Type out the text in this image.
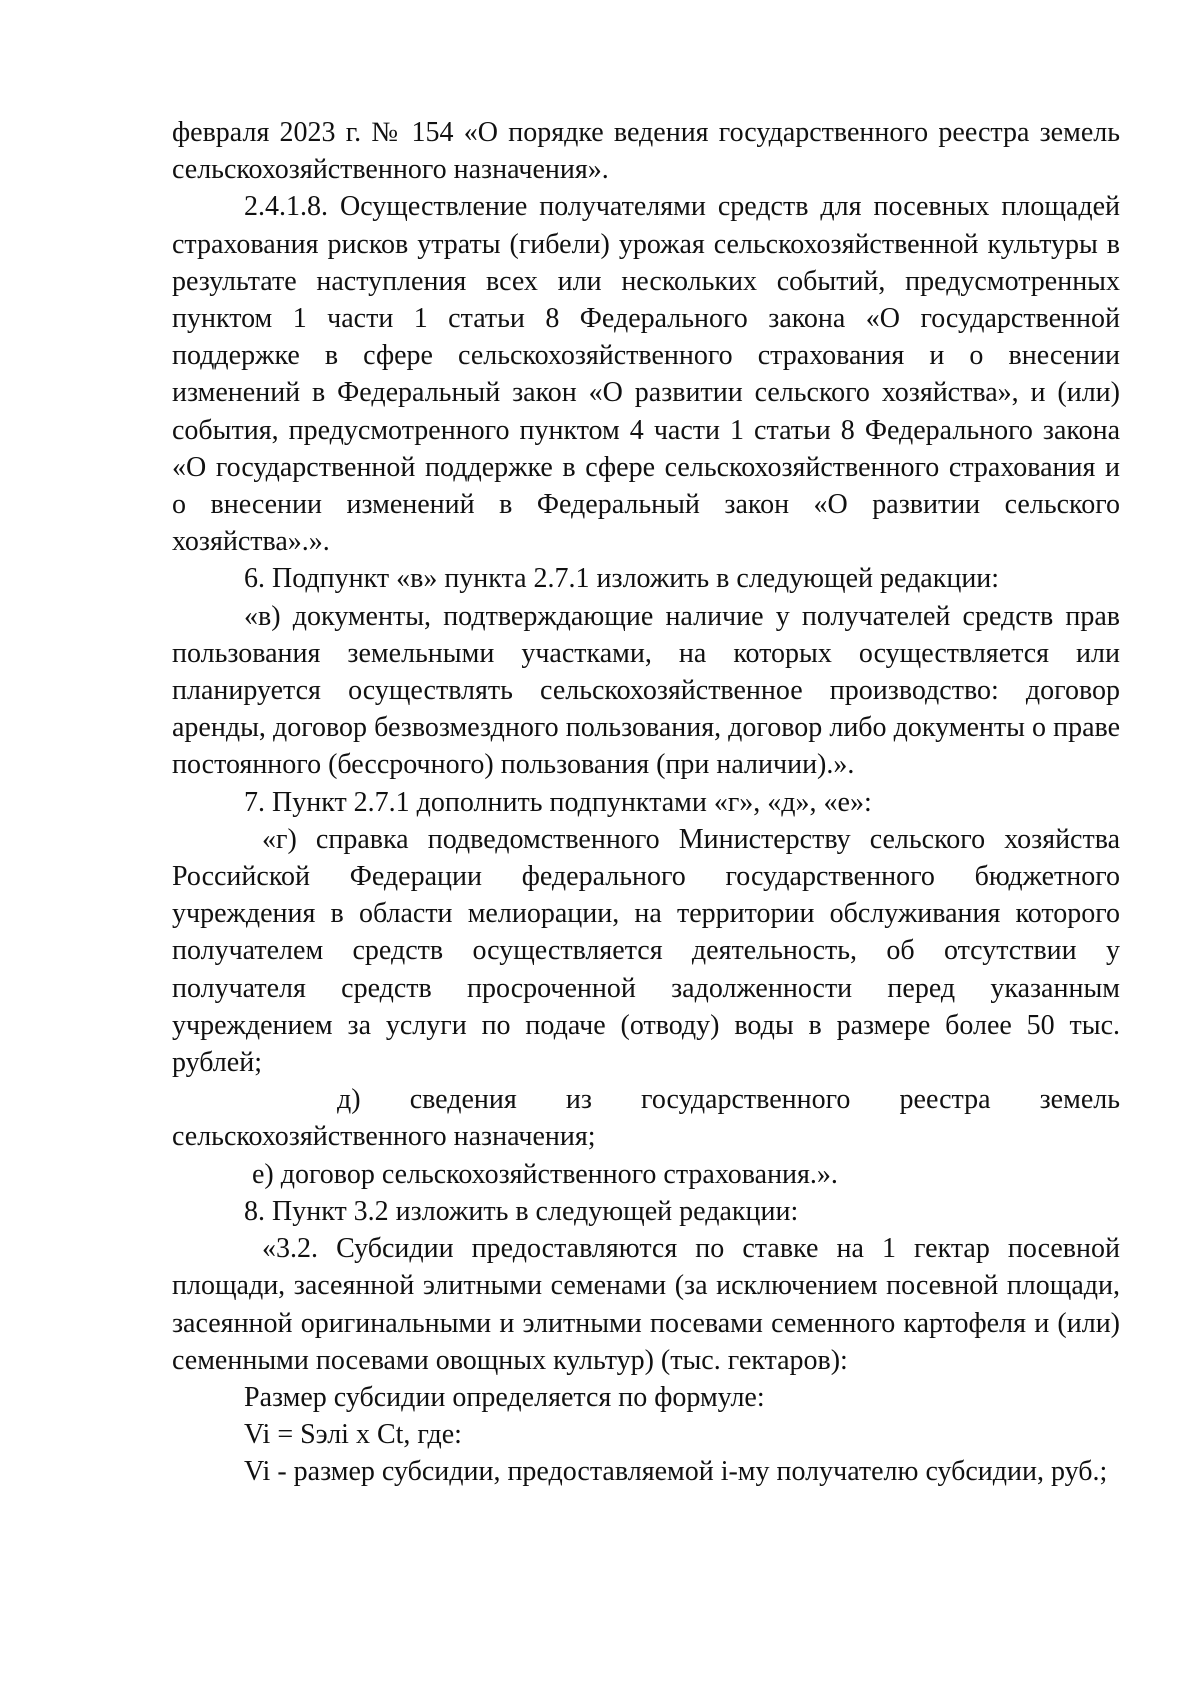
февраля 2023 г. № 154 «О порядке ведения государственного реестра земель сельскохозяйственного назначения».

2.4.1.8. Осуществление получателями средств для посевных площадей страхования рисков утраты (гибели) урожая сельскохозяйственной культуры в результате наступления всех или нескольких событий, предусмотренных пунктом 1 части 1 статьи 8 Федерального закона «О государственной поддержке в сфере сельскохозяйственного страхования и о внесении изменений в Федеральный закон «О развитии сельского хозяйства», и (или) события, предусмотренного пунктом 4 части 1 статьи 8 Федерального закона «О государственной поддержке в сфере сельскохозяйственного страхования и о внесении изменений в Федеральный закон «О развитии сельского хозяйства».».

6. Подпункт «в» пункта 2.7.1 изложить в следующей редакции:

«в) документы, подтверждающие наличие у получателей средств прав пользования земельными участками, на которых осуществляется или планируется осуществлять сельскохозяйственное производство: договор аренды, договор безвозмездного пользования, договор либо документы о праве постоянного (бессрочного) пользования (при наличии).».

7. Пункт 2.7.1 дополнить подпунктами «г», «д», «е»:

«г) справка подведомственного Министерству сельского хозяйства Российской Федерации федерального государственного бюджетного учреждения в области мелиорации, на территории обслуживания которого получателем средств осуществляется деятельность, об отсутствии у получателя средств просроченной задолженности перед указанным учреждением за услуги по подаче (отводу) воды в размере более 50 тыс. рублей;

д) сведения из государственного реестра земель сельскохозяйственного назначения;

е) договор сельскохозяйственного страхования.».

8. Пункт 3.2 изложить в следующей редакции:

«3.2. Субсидии предоставляются по ставке на 1 гектар посевной площади, засеянной элитными семенами (за исключением посевной площади, засеянной оригинальными и элитными посевами семенного картофеля и (или) семенными посевами овощных культур) (тыс. гектаров):

Размер субсидии определяется по формуле:

Vi = Sэлi x Ct, где:

Vi - размер субсидии, предоставляемой i-му получателю субсидии, руб.;
